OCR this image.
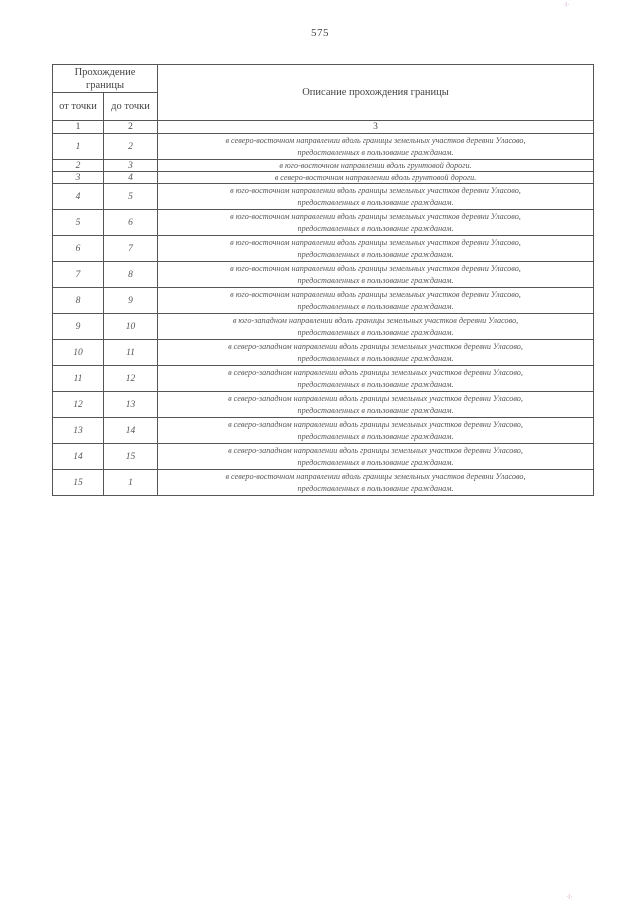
575
Прохождение
границы		Описание прохождения границы
от точки	до точки	
1	2	3
1	2	в северо-восточном направлении вдоль границы земельных участков деревни Уласово,
предоставленных в пользование гражданам.

2	3	в юго-восточном направлении вдоль грунтовой дороги.

3	4	в северо-восточном направлении вдоль грунтовой дороги.

4	5	в юго-восточном направлении вдоль границы земельных участков деревни Уласово,
предоставленных в пользование гражданам.

5	6	в юго-восточном направлении вдоль границы земельных участков деревни Уласово,
предоставленных в пользование гражданам.

6	7	в юго-восточном направлении вдоль границы земельных участков деревни Уласово,
предоставленных в пользование гражданам.

7	8	в юго-восточном направлении вдоль границы земельных участков деревни Уласово,
предоставленных в пользование гражданам.

8	9	в юго-восточном направлении вдоль границы земельных участков деревни Уласово,
предоставленных в пользование гражданам.

9	10	в юго-западном направлении вдоль границы земельных участков деревни Уласово,
предоставленных в пользование гражданам.

10	11	в северо-западном направлении вдоль границы земельных участков деревни Уласово,
предоставленных в пользование гражданам.

11	12	в северо-западном направлении вдоль границы земельных участков деревни Уласово,
предоставленных в пользование гражданам.

12	13	в северо-западном направлении вдоль границы земельных участков деревни Уласово,
предоставленных в пользование гражданам.

13	14	в северо-западном направлении вдоль границы земельных участков деревни Уласово,
предоставленных в пользование гражданам.

14	15	в северо-западном направлении вдоль границы земельных участков деревни Уласово,
предоставленных в пользование гражданам.

15	1	в северо-восточном направлении вдоль границы земельных участков деревни Уласово,
предоставленных в пользование гражданам.
·‖·
·‖·
